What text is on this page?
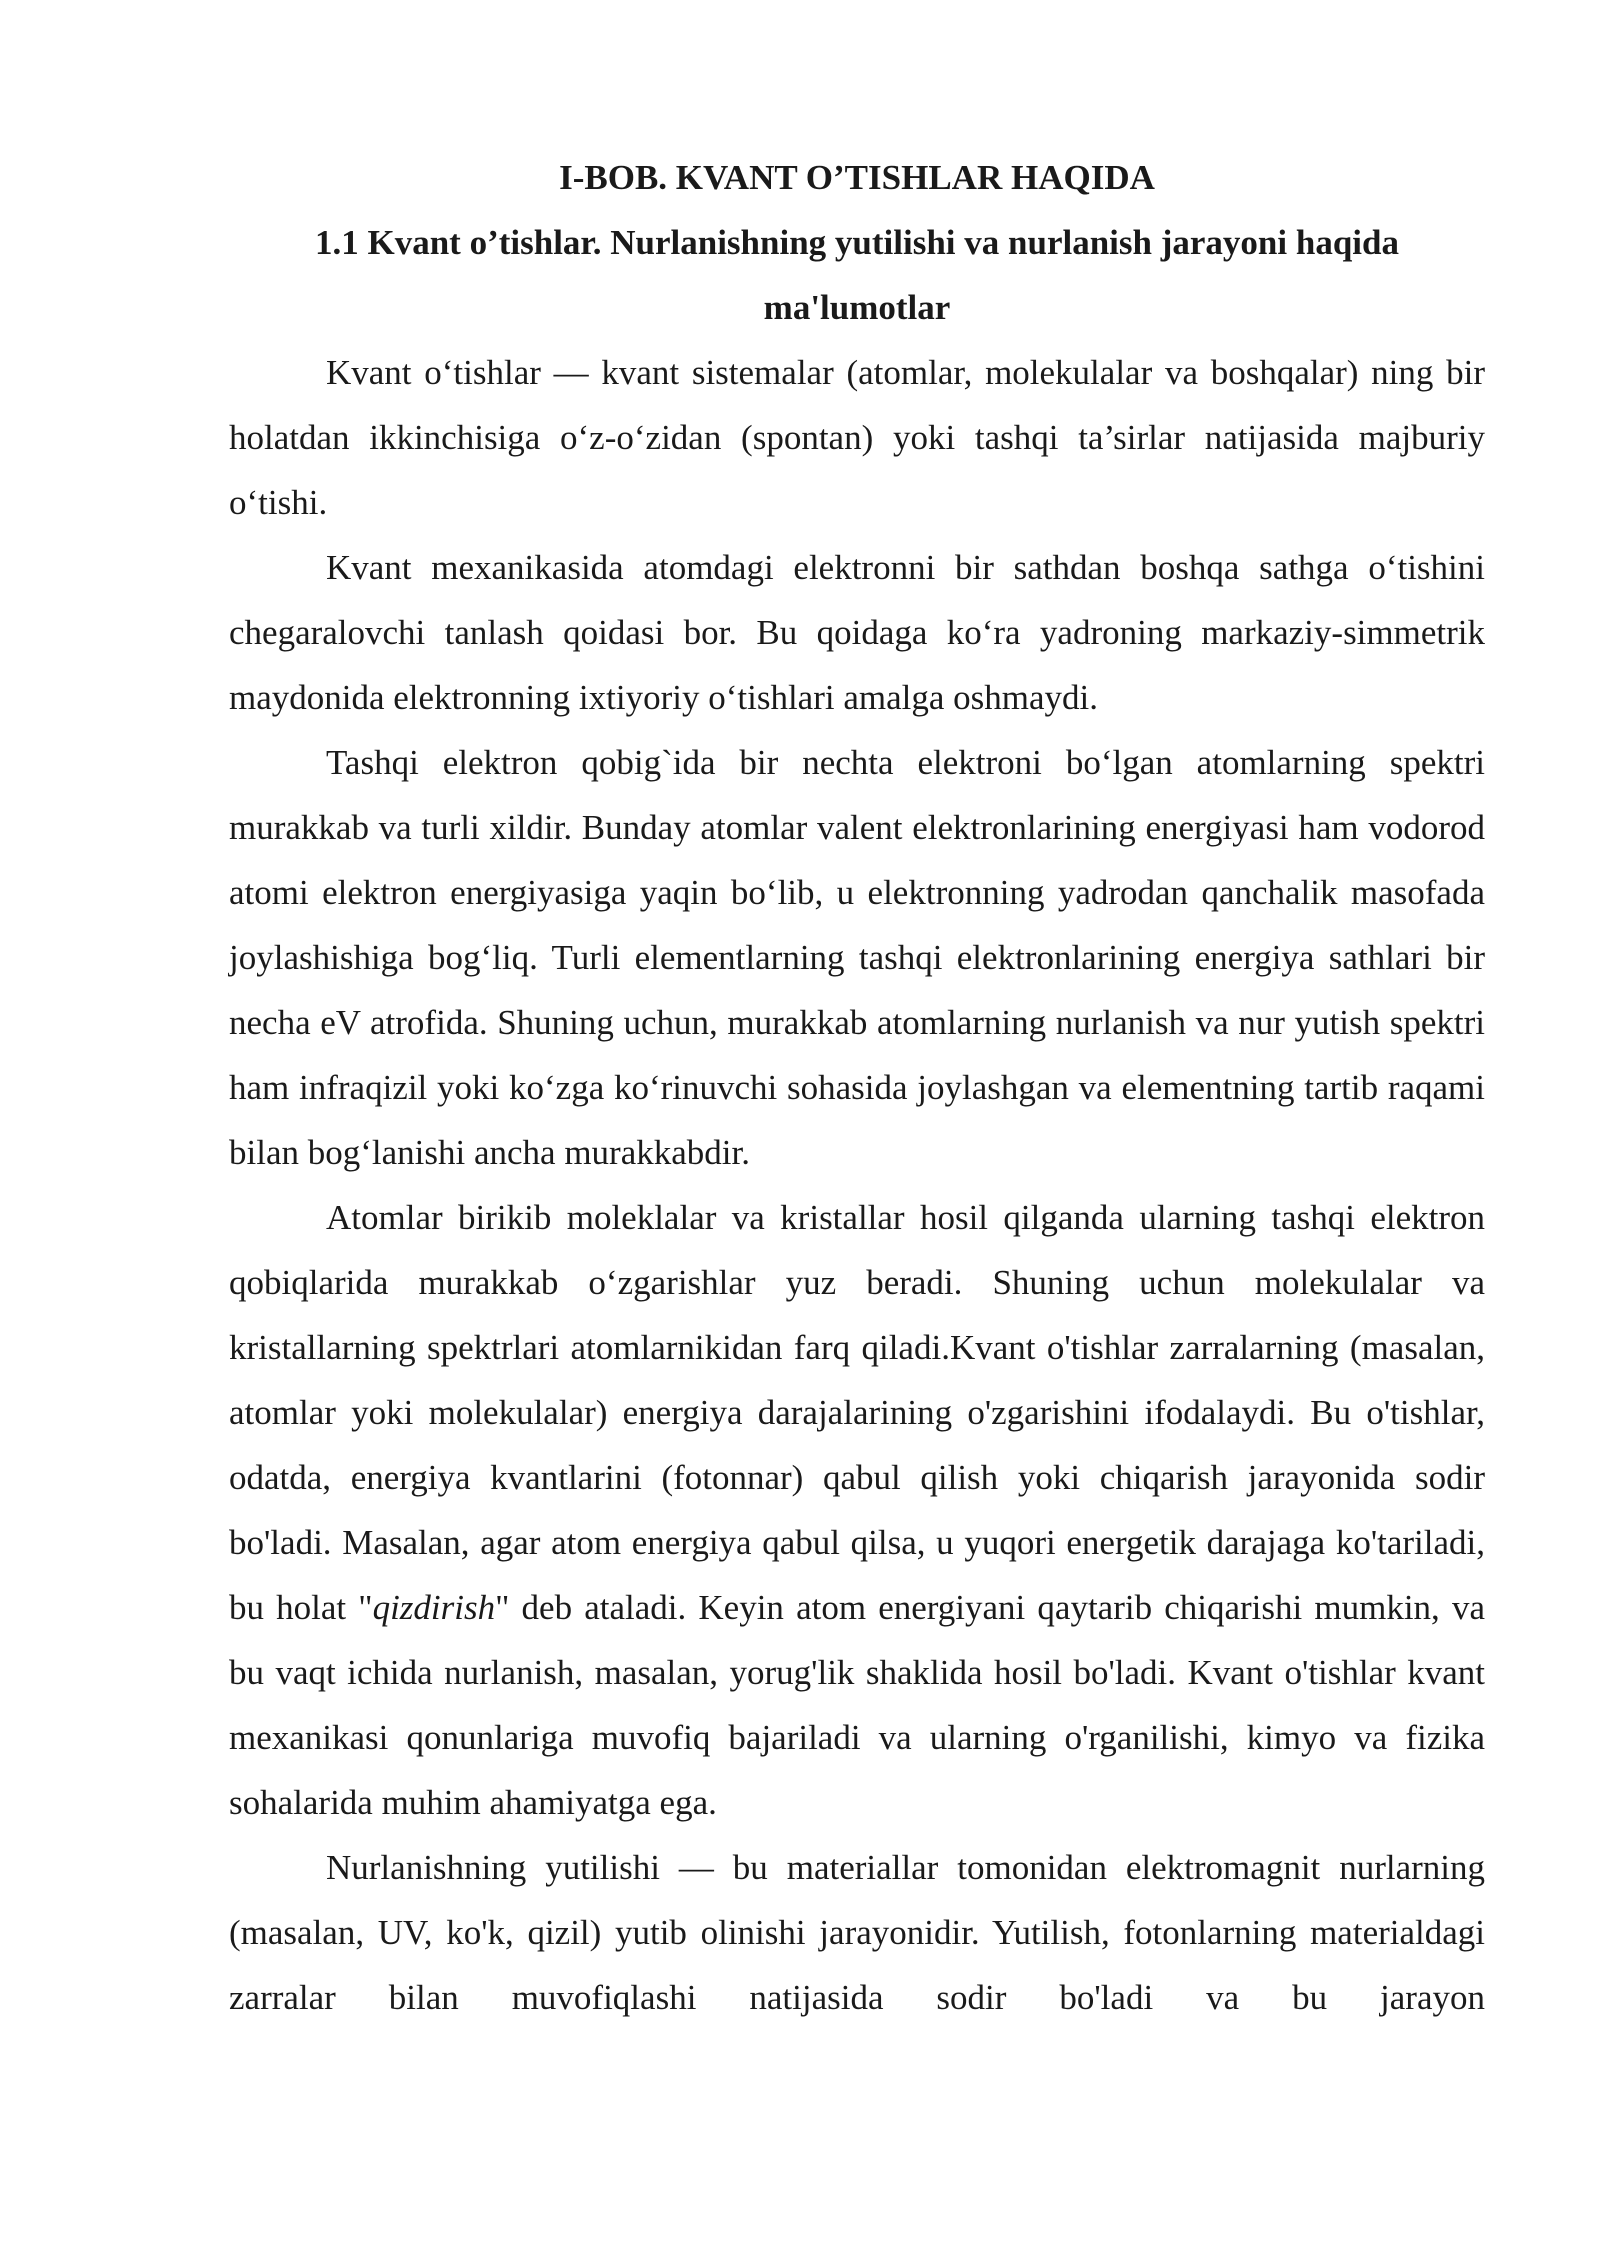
I-BOB. KVANT O’TISHLAR HAQIDA
1.1 Kvant o’tishlar. Nurlanishning yutilishi va nurlanish jarayoni haqida ma'lumotlar

Kvant o‘tishlar — kvant sistemalar (atomlar, molekulalar va boshqalar) ning bir holatdan ikkinchisiga o‘z-o‘zidan (spontan) yoki tashqi ta’sirlar natijasida majburiy o‘tishi.

Kvant mexanikasida atomdagi elektronni bir sathdan boshqa sathga o‘tishini chegaralovchi tanlash qoidasi bor. Bu qoidaga ko‘ra yadroning markaziy-simmetrik maydonida elektronning ixtiyoriy o‘tishlari amalga oshmaydi.

Tashqi elektron qobig`ida bir nechta elektroni bo‘lgan atomlarning spektri murakkab va turli xildir. Bunday atomlar valent elektronlarining energiyasi ham vodorod atomi elektron energiyasiga yaqin bo‘lib, u elektronning yadrodan qanchalik masofada joylashishiga bog‘liq. Turli elementlarning tashqi elektronlarining energiya sathlari bir necha eV atrofida. Shuning uchun, murakkab atomlarning nurlanish va nur yutish spektri ham infraqizil yoki ko‘zga ko‘rinuvchi sohasida joylashgan va elementning tartib raqami bilan bog‘lanishi ancha murakkabdir.

Atomlar birikib moleklalar va kristallar hosil qilganda ularning tashqi elektron qobiqlarida murakkab o‘zgarishlar yuz beradi. Shuning uchun molekulalar va kristallarning spektrlari atomlarnikidan farq qiladi.Kvant o'tishlar zarralarning (masalan, atomlar yoki molekulalar) energiya darajalarining o'zgarishini ifodalaydi. Bu o'tishlar, odatda, energiya kvantlarini (fotonnar) qabul qilish yoki chiqarish jarayonida sodir bo'ladi. Masalan, agar atom energiya qabul qilsa, u yuqori energetik darajaga ko'tariladi, bu holat "qizdirish" deb ataladi. Keyin atom energiyani qaytarib chiqarishi mumkin, va bu vaqt ichida nurlanish, masalan, yorug'lik shaklida hosil bo'ladi. Kvant o'tishlar kvant mexanikasi qonunlariga muvofiq bajariladi va ularning o'rganilishi, kimyo va fizika sohalarida muhim ahamiyatga ega.

Nurlanishning yutilishi — bu materiallar tomonidan elektromagnit nurlarning (masalan, UV, ko'k, qizil) yutib olinishi jarayonidir. Yutilish, fotonlarning materialdagi zarralar bilan muvofiqlashi natijasida sodir bo'ladi va bu jarayon
